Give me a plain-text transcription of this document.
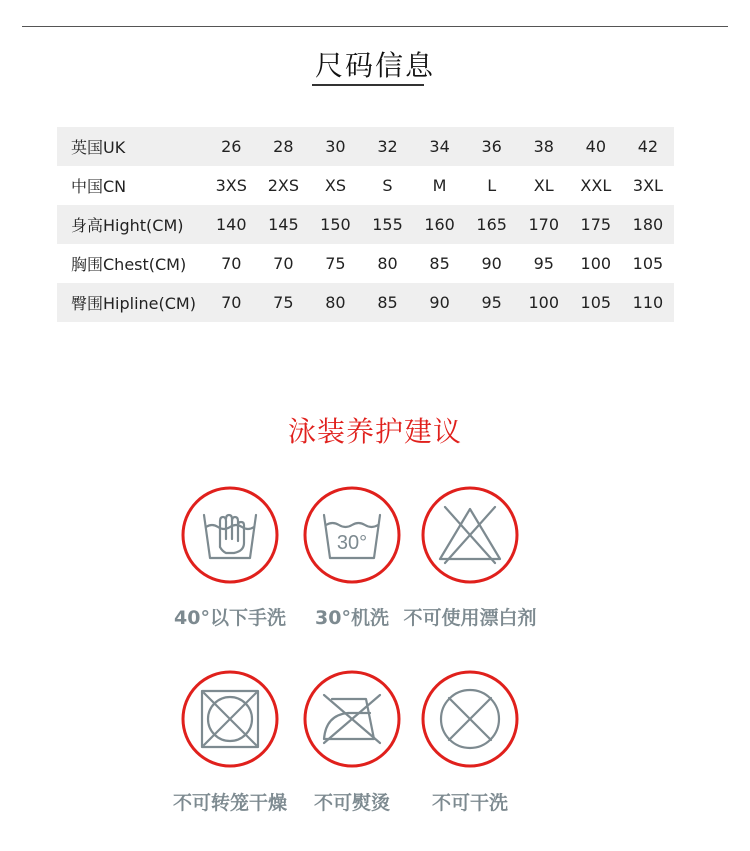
尺码信息
英国UK	26	28	30	32	34	36	38	40	42
中国CN	3XS	2XS	XS	S	M	L	XL	XXL	3XL
身高Hight(CM)	140	145	150	155	160	165	170	175	180
胸围Chest(CM)	70	70	75	80	85	90	95	100	105
臀围Hipline(CM)	70	75	80	85	90	95	100	105	110
泳装养护建议
30°
40°以下手洗	30°机洗 不可使用漂白剂
不可转笼干燥	不可熨烫	不可干洗
